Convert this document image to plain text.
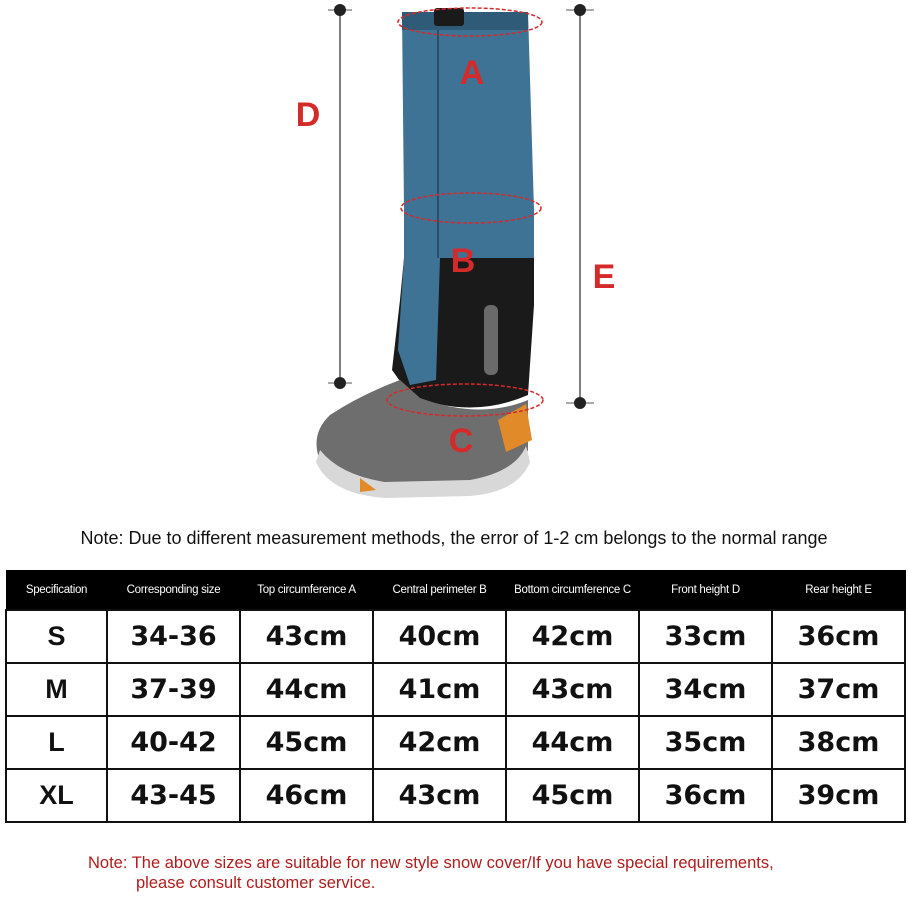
A
B
C
D
E
Note: Due to different measurement methods, the error of 1-2 cm belongs to the normal range
Specification	Corresponding size	Top circumference A	Central perimeter B	Bottom circumference C	Front height D	Rear height E
S	34-36	43cm	40cm	42cm	33cm	36cm
M	37-39	44cm	41cm	43cm	34cm	37cm
L	40-42	45cm	42cm	44cm	35cm	38cm
XL	43-45	46cm	43cm	45cm	36cm	39cm
Note: The above sizes are suitable for new style snow cover/If you have special requirements,
please consult customer service.
